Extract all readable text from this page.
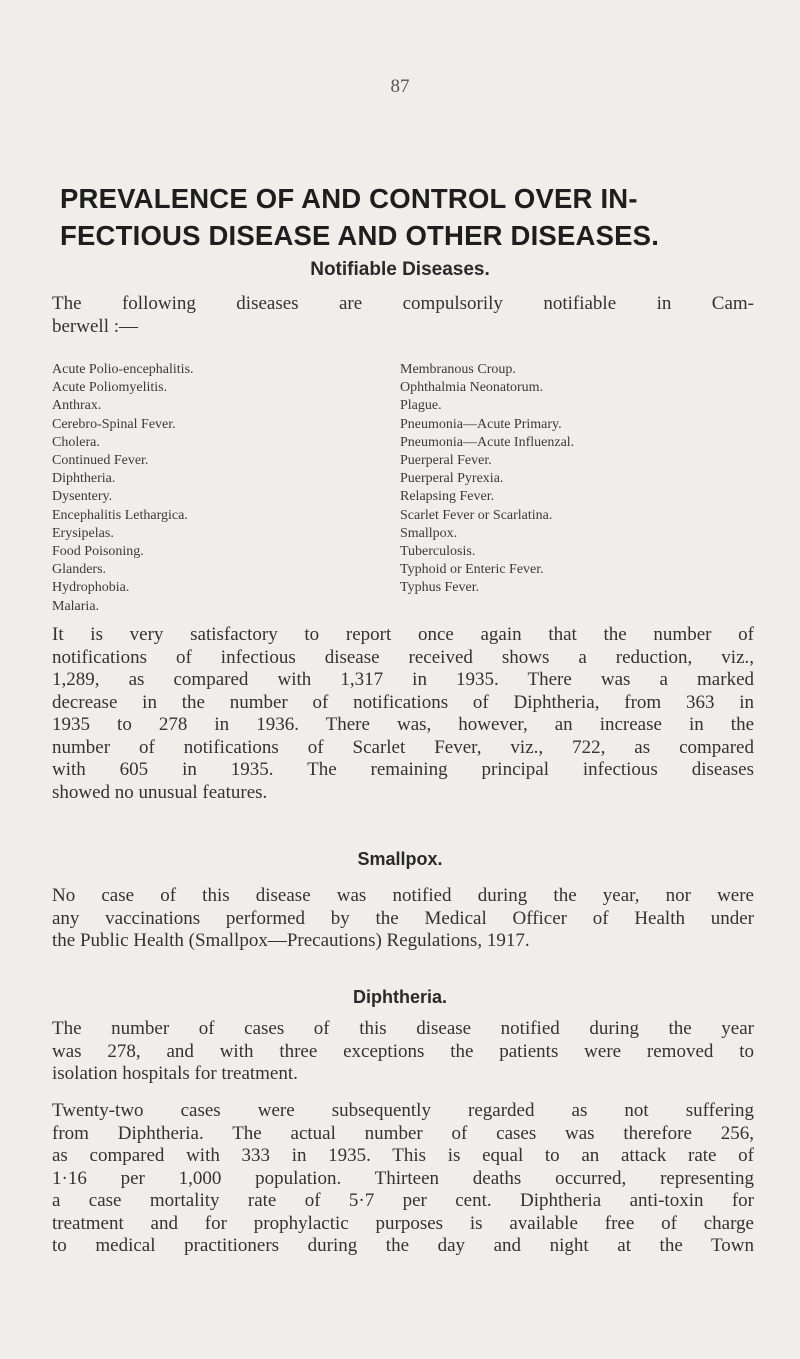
87
PREVALENCE OF AND CONTROL OVER IN-
FECTIOUS DISEASE AND OTHER DISEASES.
Notifiable Diseases.
The following diseases are compulsorily notifiable in Cam-
berwell :—
Acute Polio-encephalitis.
Acute Poliomyelitis.
Anthrax.
Cerebro-Spinal Fever.
Cholera.
Continued Fever.
Diphtheria.
Dysentery.
Encephalitis Lethargica.
Erysipelas.
Food Poisoning.
Glanders.
Hydrophobia.
Malaria.
Membranous Croup.
Ophthalmia Neonatorum.
Plague.
Pneumonia—Acute Primary.
Pneumonia—Acute Influenzal.
Puerperal Fever.
Puerperal Pyrexia.
Relapsing Fever.
Scarlet Fever or Scarlatina.
Smallpox.
Tuberculosis.
Typhoid or Enteric Fever.
Typhus Fever.
It is very satisfactory to report once again that the number of
notifications of infectious disease received shows a reduction, viz.,
1,289, as compared with 1,317 in 1935. There was a marked
decrease in the number of notifications of Diphtheria, from 363 in
1935 to 278 in 1936. There was, however, an increase in the
number of notifications of Scarlet Fever, viz., 722, as compared
with 605 in 1935. The remaining principal infectious diseases
showed no unusual features.
Smallpox.
No case of this disease was notified during the year, nor were
any vaccinations performed by the Medical Officer of Health under
the Public Health (Smallpox—Precautions) Regulations, 1917.
Diphtheria.
The number of cases of this disease notified during the year
was 278, and with three exceptions the patients were removed to
isolation hospitals for treatment.
Twenty-two cases were subsequently regarded as not suffering
from Diphtheria. The actual number of cases was therefore 256,
as compared with 333 in 1935. This is equal to an attack rate of
1·16 per 1,000 population. Thirteen deaths occurred, representing
a case mortality rate of 5·7 per cent. Diphtheria anti-toxin for
treatment and for prophylactic purposes is available free of charge
to medical practitioners during the day and night at the Town
